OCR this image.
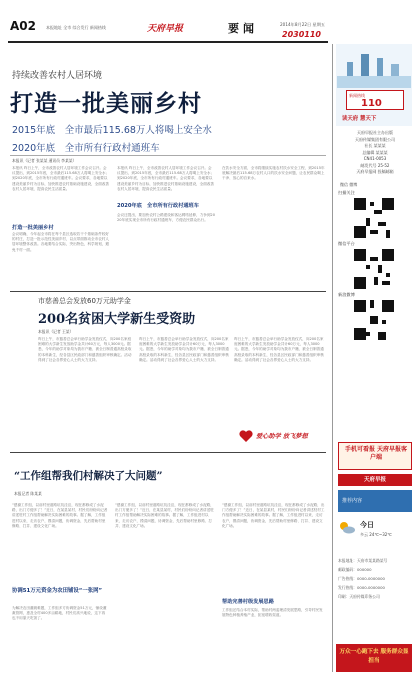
A02	本报地址 全市 综合发行 新闻热线	天府早报	要闻	2014年8月22日 星期五
2030110
持续改善农村人居环境
打造一批美丽乡村
2015年底　全市最后115.68万人将喝上安全水
2020年底　全市所有行政村通班车
本报讯（记者 张某某 通讯员 李某某）
本报讯 昨日上午，全市改善农村人居环境工作会议召开。会议提出，到2015年底，全市最后115.68万人将喝上安全水；到2020年底，全市所有行政村通班车。会议要求，各地要以建设美丽乡村为目标，加快推进农村基础设施建设，全面改善农村人居环境，提高农民生活质量。
打造一批美丽乡村
会议明确，今年起全市将在每个县区选取若干个基础条件较好的村庄，打造一批示范性美丽乡村，以点带面推动全市农村人居环境整体改善。各地要结合实际，突出特色，科学规划，避免千村一面。
本报讯 昨日上午，全市改善农村人居环境工作会议召开。会议提出，到2015年底，全市最后115.68万人将喝上安全水；到2020年底，全市所有行政村通班车。会议要求，各地要以建设美丽乡村为目标，加快推进农村基础设施建设，全面改善农村人居环境，提高农民生活质量。
2020年底　全市所有行政村通班车
会议还提出，要加快农村公路建设和客运网络延伸，力争到2020年底实现全市所有行政村通班车，方便农民群众出行。
在饮水安全方面，全市将继续实施农村饮水安全工程，到2015年底解决最后115.68万农村人口的饮水安全问题，让农民群众喝上干净、放心的自来水。
市慈善总会发放60万元助学金
200名贫困大学新生受资助
本报讯（记者 王某）
昨日上午，市慈善总会举行助学金发放仪式，向200名家庭困难的大学新生发放助学金共计60万元，每人3000元。据悉，今年的助学对象均为我市户籍、被全日制普通高校录取的本科新生，经各县区民政部门和慈善组织审核确定。活动得到了社会各界爱心人士的大力支持。
昨日上午，市慈善总会举行助学金发放仪式，向200名家庭困难的大学新生发放助学金共计60万元，每人3000元。据悉，今年的助学对象均为我市户籍、被全日制普通高校录取的本科新生，经各县区民政部门和慈善组织审核确定。活动得到了社会各界爱心人士的大力支持。
昨日上午，市慈善总会举行助学金发放仪式，向200名家庭困难的大学新生发放助学金共计60万元，每人3000元。据悉，今年的助学对象均为我市户籍、被全日制普通高校录取的本科新生，经各县区民政部门和慈善组织审核确定。活动得到了社会各界爱心人士的大力支持。
爱心助学 放飞梦想
“工作组帮我们村解决了大问题”
本报记者 陈某某
“感谢工作组，以前村里道路坑坑洼洼，现在都修成了水泥路，出门方便多了！”近日，在某县某村，村民们纷纷向记者讲述驻村工作组帮助解决实际困难的故事。据了解，工作组进村以来，走访农户，摸清问题，协调资金，先后帮助村里修路、打井、建设文化广场。
协调51万元资金为农田铺设“一张网”
为解决农田灌溉难题，工作组多方协调资金51万元，铺设灌溉管网，惠及全村400多亩耕地，村民们高兴地说，这下再也不用靠天吃饭了。
“感谢工作组，以前村里道路坑坑洼洼，现在都修成了水泥路，出门方便多了！”近日，在某县某村，村民们纷纷向记者讲述驻村工作组帮助解决实际困难的故事。据了解，工作组进村以来，走访农户，摸清问题，协调资金，先后帮助村里修路、打井、建设文化广场。
“感谢工作组，以前村里道路坑坑洼洼，现在都修成了水泥路，出门方便多了！”近日，在某县某村，村民们纷纷向记者讲述驻村工作组帮助解决实际困难的故事。据了解，工作组进村以来，走访农户，摸清问题，协调资金，先后帮助村里修路、打井、建设文化广场。
帮助完善村级发展思路
工作组还结合本村实际，帮助村两委理清发展思路，引导村民发展特色种植养殖产业，拓宽增收渠道。
新闻热线
110
读天府 慧天下
天府早报社主办出版
天府传媒集团有限公司
社长 某某某
总编辑 某某某
CN41-0053
邮发代号 25-52
天府早报网 投稿邮箱
微信 微博
扫描关注
微信平台
新浪微博
手机可看报 天府早报客户端
天府早报
推荐内容
今日
多云 24℃~32℃
本报地址：天府市某某路某号
邮政编码：000000
广告热线：0000-0000000
发行热线：0000-0000000
印刷：天府传媒印务公司
万众一心跑下去 服务群众显担当
